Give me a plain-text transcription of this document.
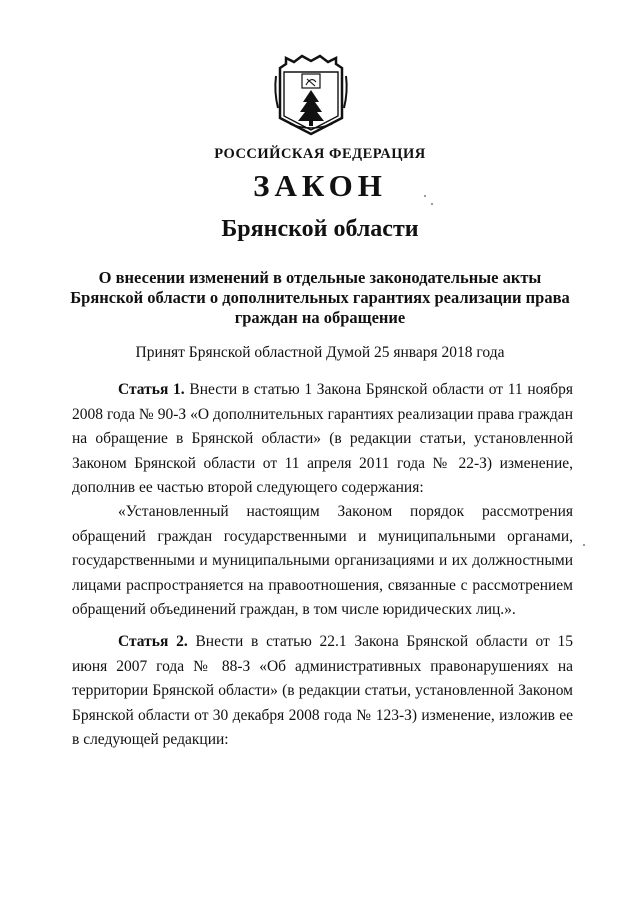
РОССИЙСКАЯ ФЕДЕРАЦИЯ
ЗАКОН
Брянской области
О внесении изменений в отдельные законодательные акты Брянской области о дополнительных гарантиях реализации права граждан на обращение
Принят Брянской областной Думой 25 января 2018 года

Статья 1. Внести в статью 1 Закона Брянской области от 11 ноября 2008 года № 90-З «О дополнительных гарантиях реализации права граждан на обращение в Брянской области» (в редакции статьи, установленной Законом Брянской области от 11 апреля 2011 года № 22-З) изменение, дополнив ее частью второй следующего содержания:

«Установленный настоящим Законом порядок рассмотрения обращений граждан государственными и муниципальными органами, государственными и муниципальными организациями и их должностными лицами распространяется на правоотношения, связанные с рассмотрением обращений объединений граждан, в том числе юридических лиц.».

Статья 2. Внести в статью 22.1 Закона Брянской области от 15 июня 2007 года № 88-З «Об административных правонарушениях на территории Брянской области» (в редакции статьи, установленной Законом Брянской области от 30 декабря 2008 года № 123-З) изменение, изложив ее в следующей редакции:
